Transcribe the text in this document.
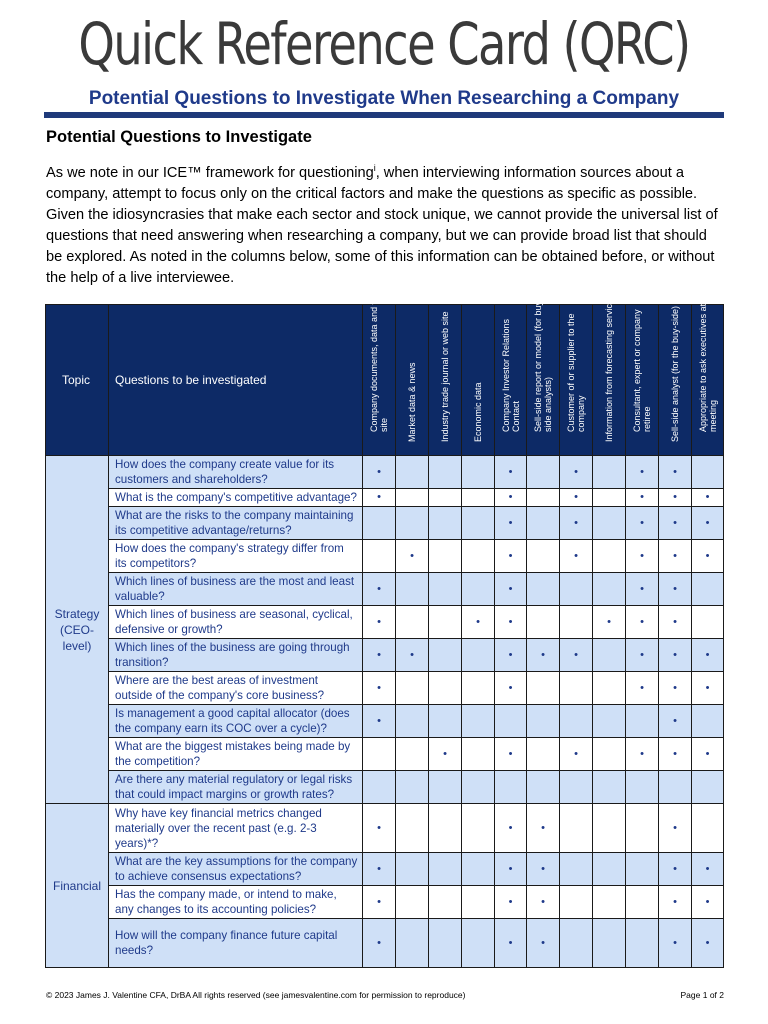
Quick Reference Card (QRC)
Potential Questions to Investigate When Researching a Company
Potential Questions to Investigate

As we note in our ICE™ framework for questioning$^i$, when interviewing information sources about a company, attempt to focus only on the critical factors and make the questions as specific as possible. Given the idiosyncrasies that make each sector and stock unique, we cannot provide the universal list of questions that need answering when researching a company, but we can provide broad list that should be explored. As noted in the columns below, some of this information can be obtained before, or without the help of a live interviewee.

Topic	Questions to be investigated	Company documents, data and web site	Market data & news	Industry trade journal or web site	Economic data	Company Investor Relations Contact	Sell-side report or model (for buy-side analysts)	Customer of or supplier to the company	Information from forecasting service	Consultant, expert or company retiree	Sell-side analyst (for the buy-side)	Appropriate to ask executives at meeting

Strategy (CEO-level)	How does the company create value for its customers and shareholders?	•				•		•		•	•	
	What is the company's competitive advantage?	•				•		•		•	•	•
	What are the risks to the company maintaining its competitive advantage/returns?					•		•		•	•	•
	How does the company's strategy differ from its competitors?		•			•		•		•	•	•
	Which lines of business are the most and least valuable?	•				•				•	•	
	Which lines of business are seasonal, cyclical, defensive or growth?	•			•	•			•	•	•	
	Which lines of the business are going through transition?	•	•			•	•	•		•	•	•
	Where are the best areas of investment outside of the company's core business?	•				•				•	•	•
	Is management a good capital allocator (does the company earn its COC over a cycle)?	•									•	
	What are the biggest mistakes being made by the competition?			•		•		•		•	•	•
	Are there any material regulatory or legal risks that could impact margins or growth rates?											
Financial	Why have key financial metrics changed materially over the recent past (e.g. 2-3 years)*?	•				•	•				•	
	What are the key assumptions for the company to achieve consensus expectations?	•				•	•				•	•
	Has the company made, or intend to make, any changes to its accounting policies?	•				•	•				•	•
	How will the company finance future capital needs?	•				•	•				•	•
© 2023 James J. Valentine CFA, DrBA All rights reserved (see jamesvalentine.com for permission to reproduce)	Page 1 of 2
